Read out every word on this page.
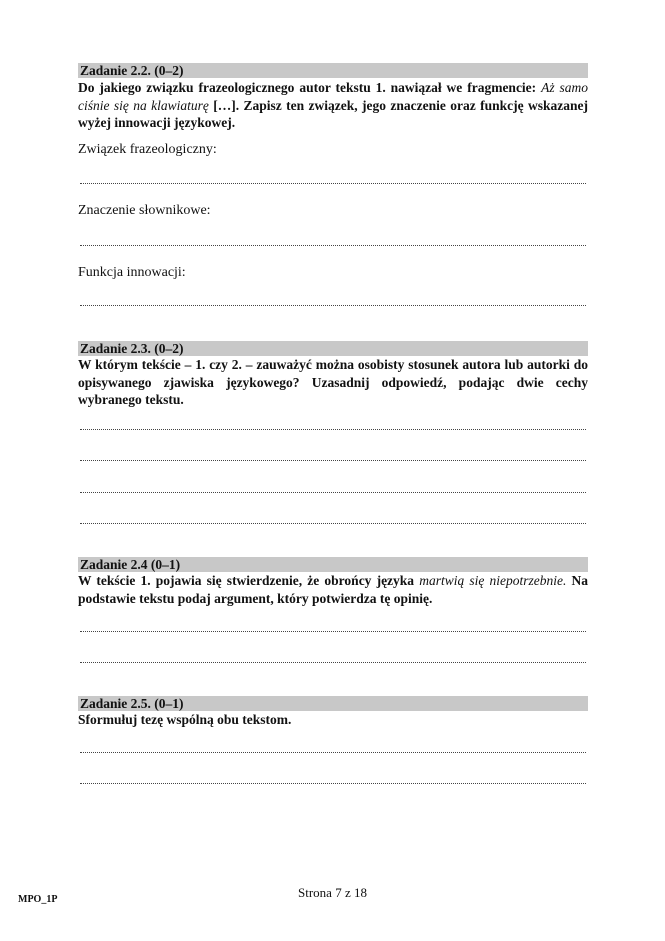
Zadanie 2.2. (0–2)
Do jakiego związku frazeologicznego autor tekstu 1. nawiązał we fragmencie: Aż samo ciśnie się na klawiaturę […]. Zapisz ten związek, jego znaczenie oraz funkcję wskazanej wyżej innowacji językowej.
Związek frazeologiczny:
Znaczenie słownikowe:
Funkcja innowacji:
Zadanie 2.3. (0–2)
W którym tekście – 1. czy 2. – zauważyć można osobisty stosunek autora lub autorki do opisywanego zjawiska językowego? Uzasadnij odpowiedź, podając dwie cechy wybranego tekstu.
Zadanie 2.4 (0–1)
W tekście 1. pojawia się stwierdzenie, że obrońcy języka martwią się niepotrzebnie. Na podstawie tekstu podaj argument, który potwierdza tę opinię.
Zadanie 2.5. (0–1)
Sformułuj tezę wspólną obu tekstom.
MPO_1P	Strona 7 z 18
